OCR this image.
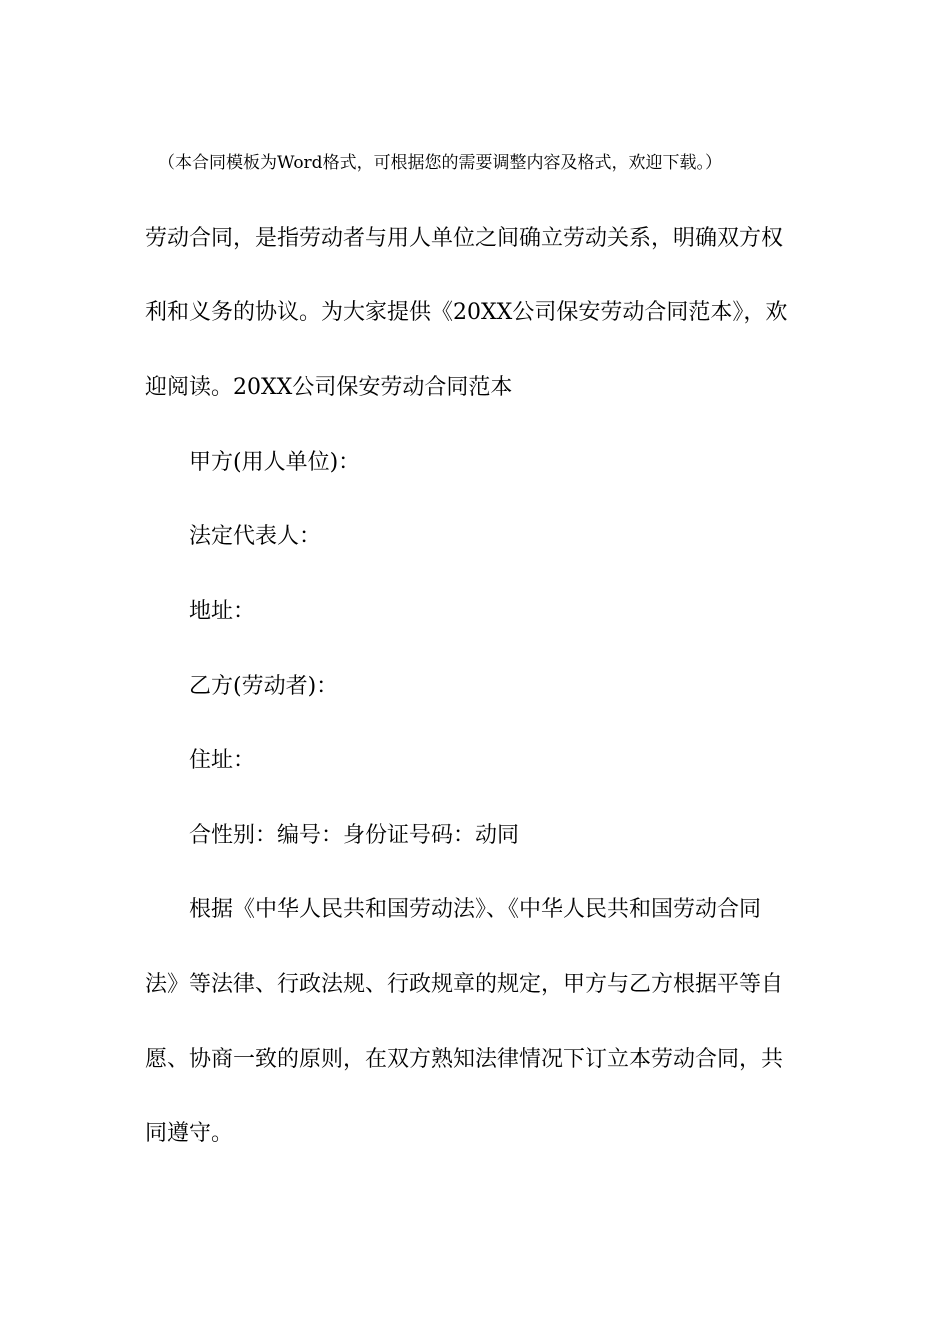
（本合同模板为Word格式，可根据您的需要调整内容及格式，欢迎下载。）
劳动合同，是指劳动者与用人单位之间确立劳动关系，明确双方权
利和义务的协议。为大家提供《20XX公司保安劳动合同范本》，欢
迎阅读。20XX公司保安劳动合同范本
甲方(用人单位)：
法定代表人：
地址：
乙方(劳动者)：
住址：
合性别：编号：身份证号码：动同
根据《中华人民共和国劳动法》、《中华人民共和国劳动合同
法》等法律、行政法规、行政规章的规定，甲方与乙方根据平等自
愿、协商一致的原则，在双方熟知法律情况下订立本劳动合同，共
同遵守。
